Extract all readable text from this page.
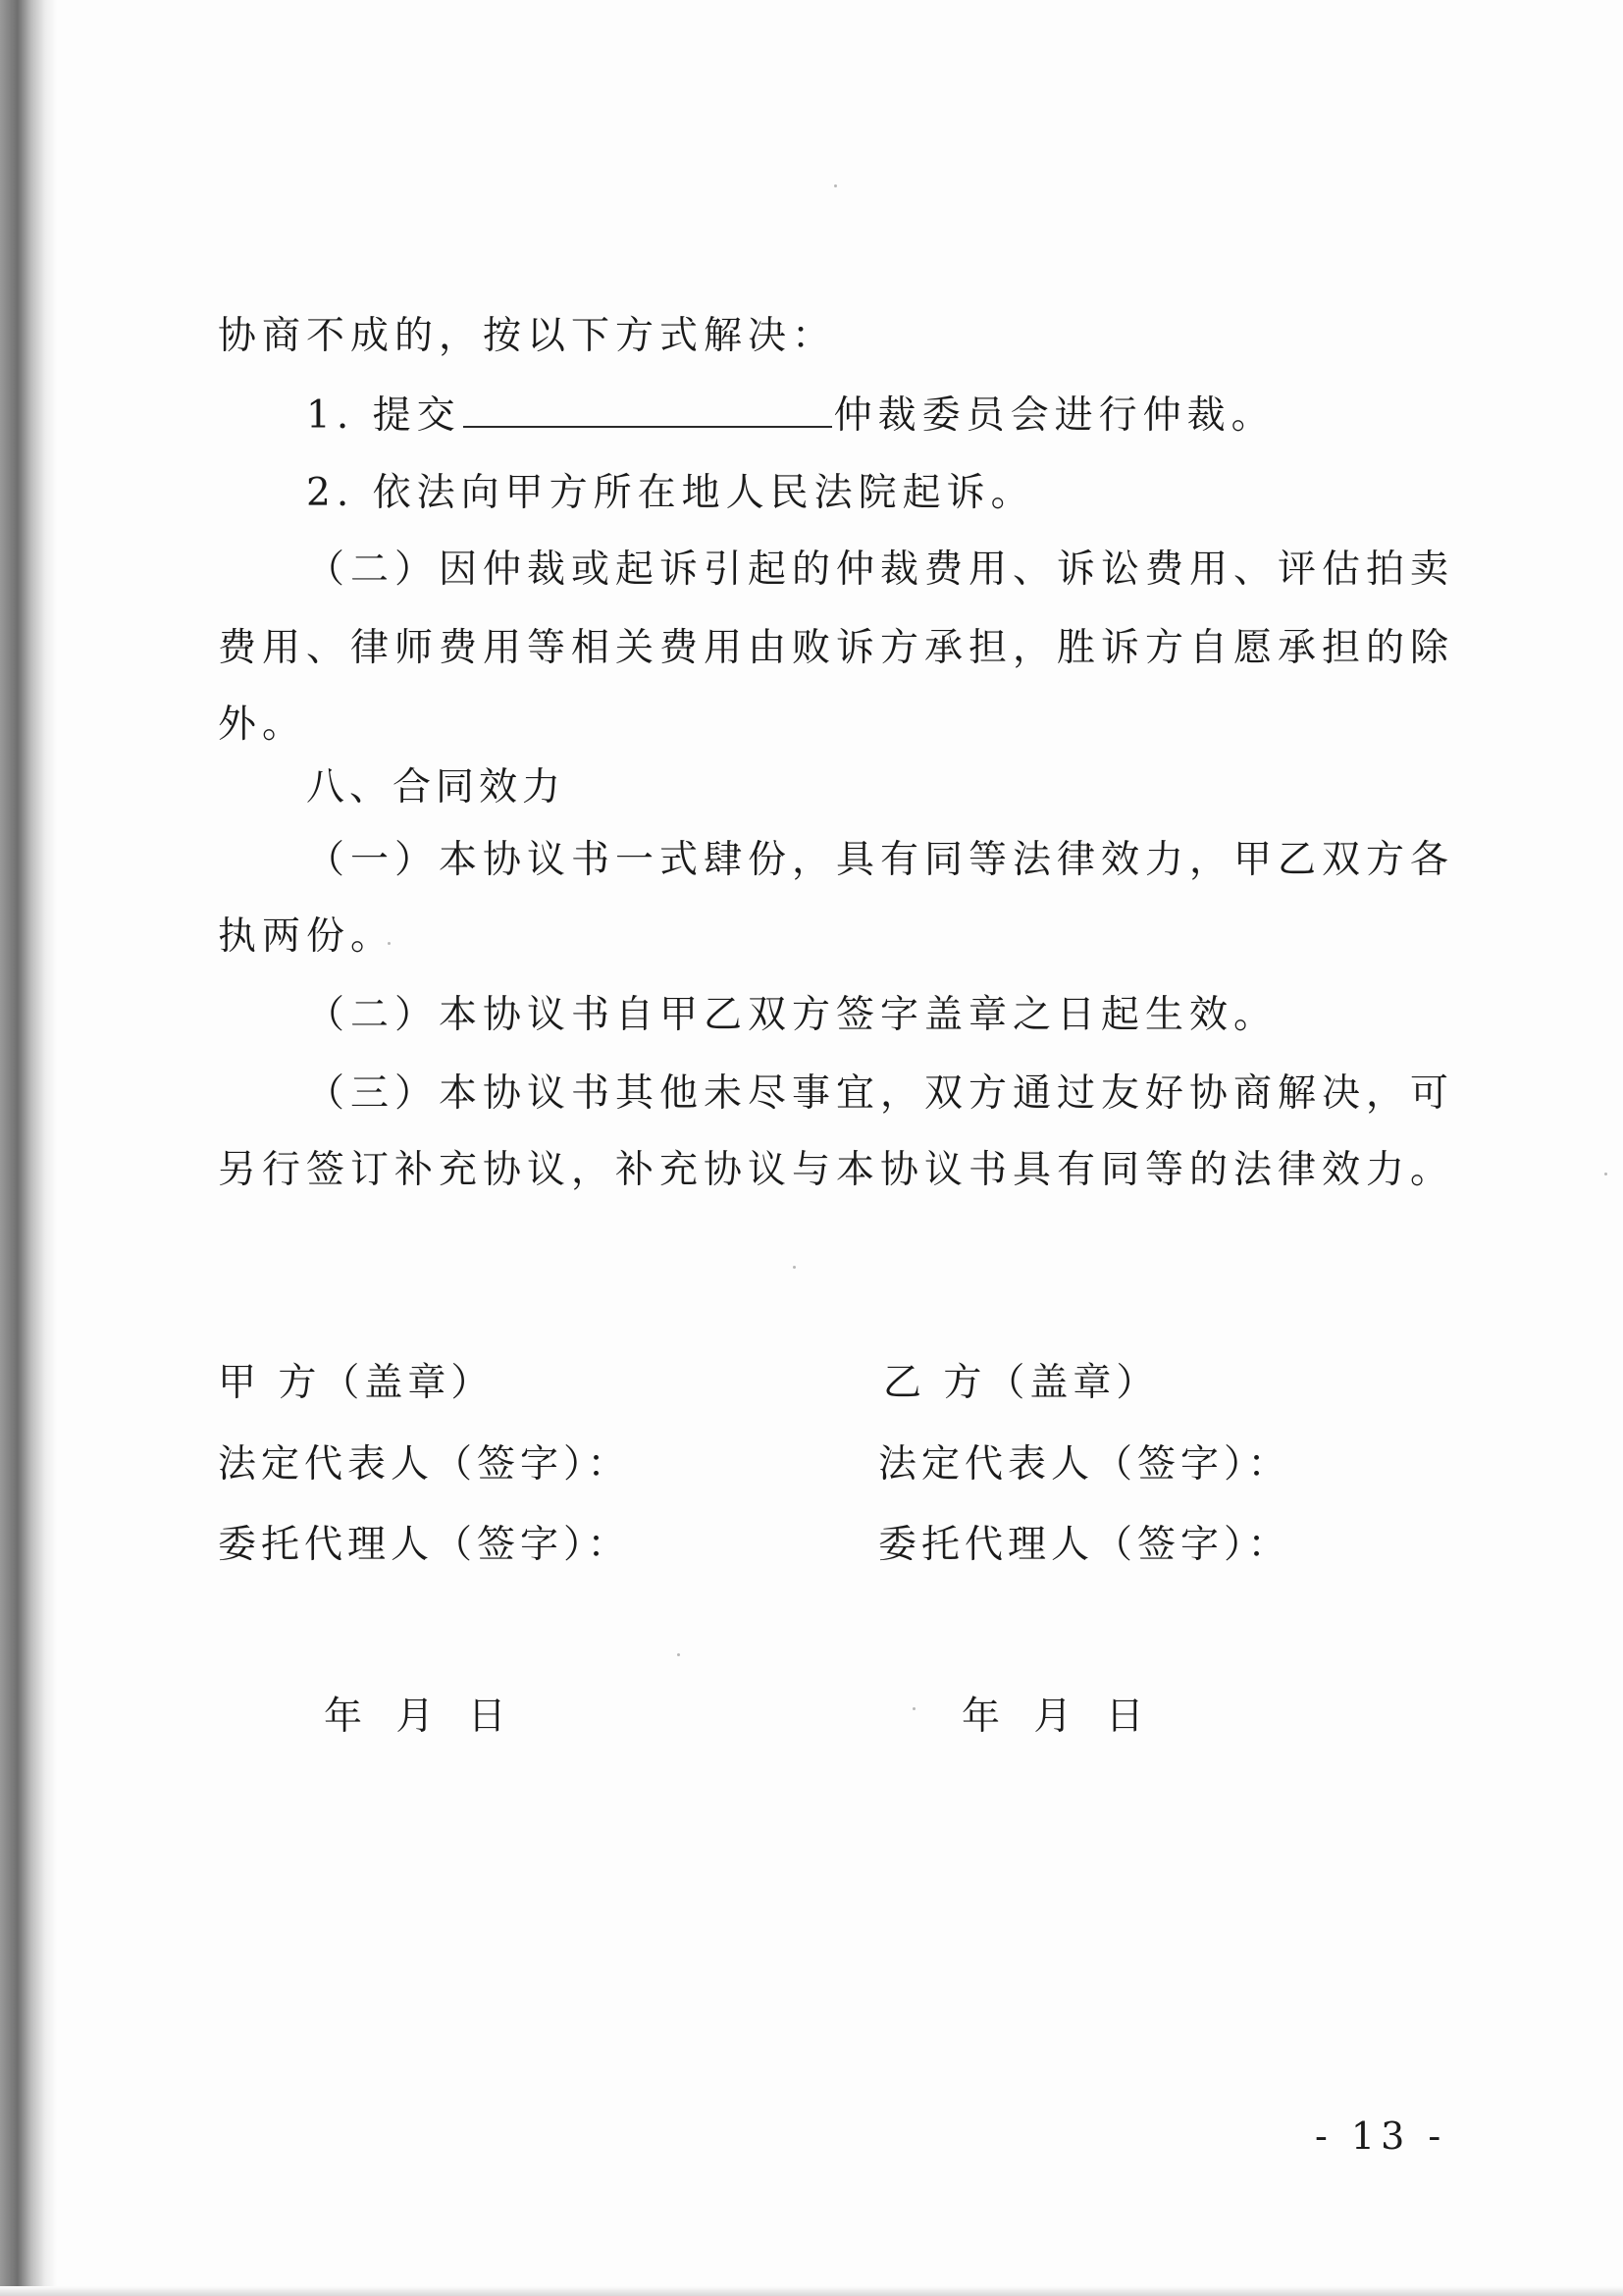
协商不成的，按以下方式解决：
1. 提交	仲裁委员会进行仲裁。
2. 依法向甲方所在地人民法院起诉。
（二）因仲裁或起诉引起的仲裁费用、诉讼费用、评估拍卖
费用、律师费用等相关费用由败诉方承担，胜诉方自愿承担的除
外。
八、合同效力
（一）本协议书一式肆份，具有同等法律效力，甲乙双方各
执两份。
（二）本协议书自甲乙双方签字盖章之日起生效。
（三）本协议书其他未尽事宜，双方通过友好协商解决，可
另行签订补充协议，补充协议与本协议书具有同等的法律效力。
甲 方（盖章）
法定代表人（签字）：
委托代理人（签字）：
年 月 日
乙 方（盖章）
法定代表人（签字）：
委托代理人（签字）：
年 月 日
- 13 -
